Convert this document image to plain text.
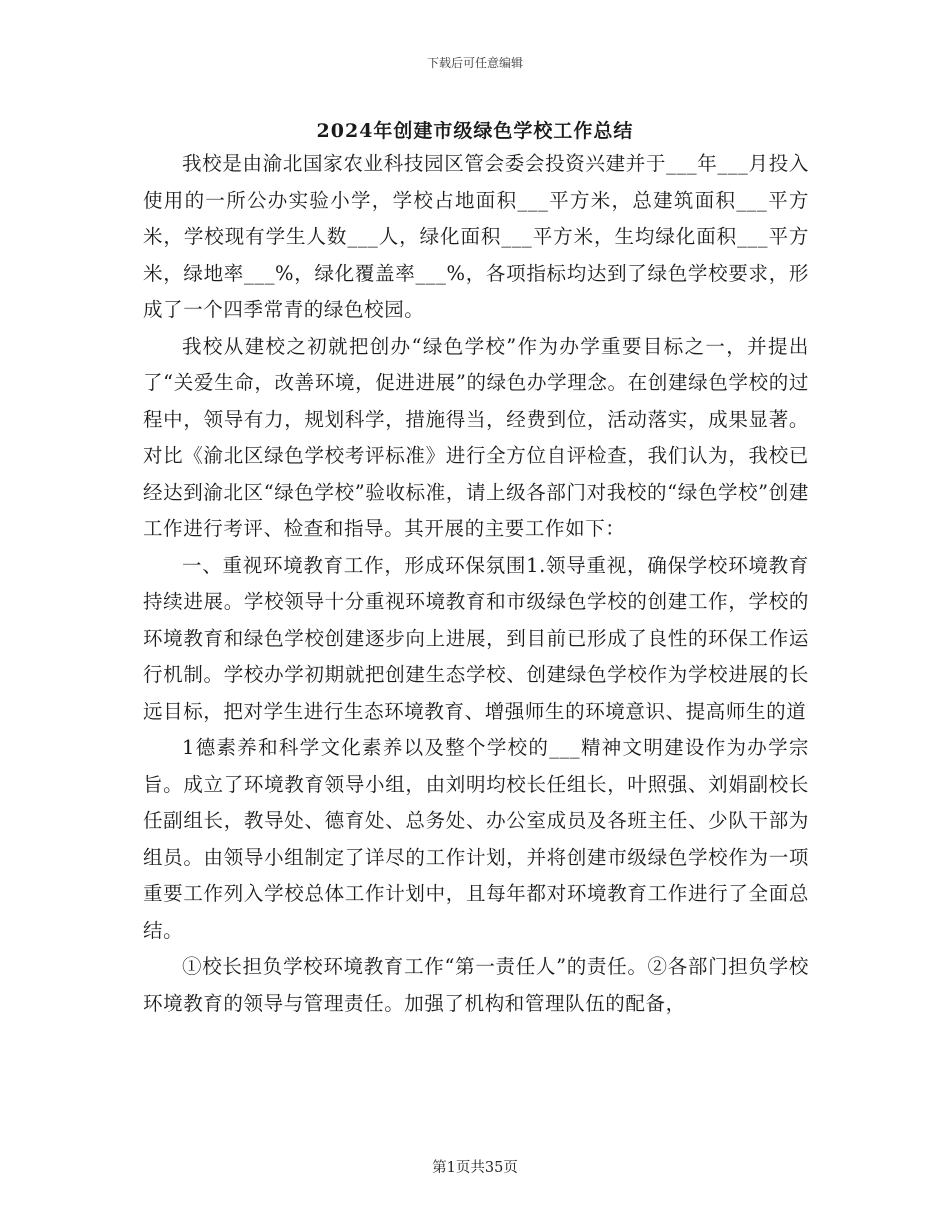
下载后可任意编辑
2024年创建市级绿色学校工作总结

我校是由渝北国家农业科技园区管会委会投资兴建并于___年___月投入使用的一所公办实验小学，学校占地面积___平方米，总建筑面积___平方米，学校现有学生人数___人，绿化面积___平方米，生均绿化面积___平方米，绿地率___%，绿化覆盖率___%，各项指标均达到了绿色学校要求，形成了一个四季常青的绿色校园。

我校从建校之初就把创办“绿色学校”作为办学重要目标之一，并提出了“关爱生命，改善环境，促进进展”的绿色办学理念。在创建绿色学校的过程中，领导有力，规划科学，措施得当，经费到位，活动落实，成果显著。对比《渝北区绿色学校考评标准》进行全方位自评检查，我们认为，我校已经达到渝北区“绿色学校”验收标准，请上级各部门对我校的“绿色学校”创建工作进行考评、检查和指导。其开展的主要工作如下：

一、重视环境教育工作，形成环保氛围1.领导重视，确保学校环境教育持续进展。学校领导十分重视环境教育和市级绿色学校的创建工作，学校的环境教育和绿色学校创建逐步向上进展，到目前已形成了良性的环保工作运行机制。学校办学初期就把创建生态学校、创建绿色学校作为学校进展的长远目标，把对学生进行生态环境教育、增强师生的环境意识、提高师生的道

1德素养和科学文化素养以及整个学校的___精神文明建设作为办学宗旨。成立了环境教育领导小组，由刘明均校长任组长，叶照强、刘娟副校长任副组长，教导处、德育处、总务处、办公室成员及各班主任、少队干部为组员。由领导小组制定了详尽的工作计划，并将创建市级绿色学校作为一项重要工作列入学校总体工作计划中，且每年都对环境教育工作进行了全面总结。

①校长担负学校环境教育工作“第一责任人”的责任。②各部门担负学校环境教育的领导与管理责任。加强了机构和管理队伍的配备，

第1页共35页
